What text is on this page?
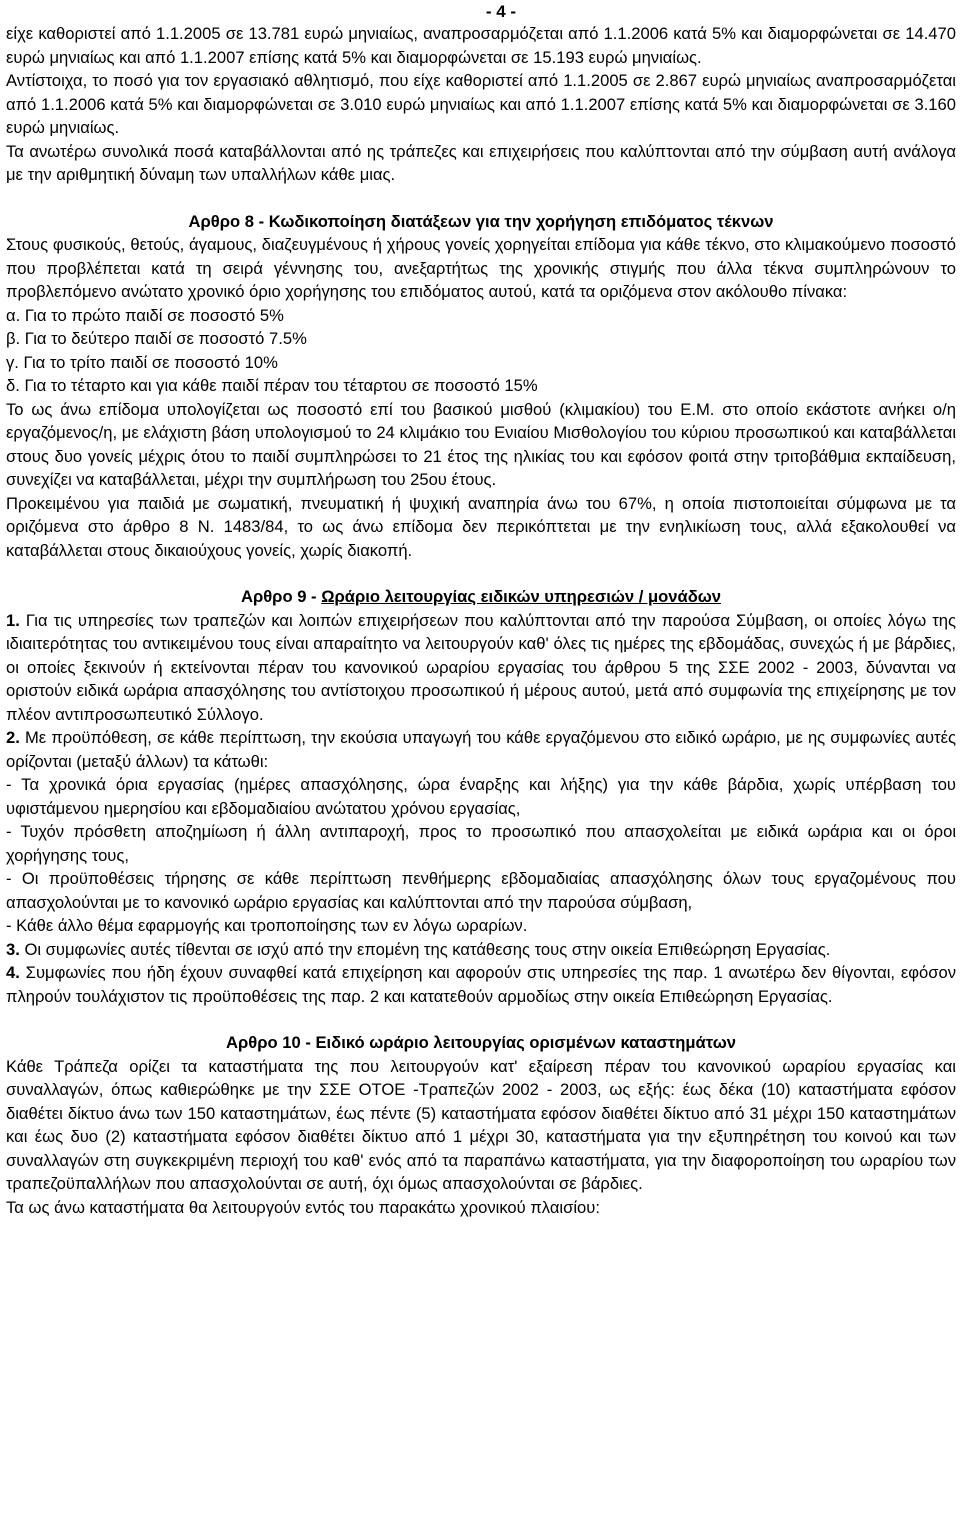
- 4 -

είχε καθοριστεί από 1.1.2005 σε 13.781 ευρώ μηνιαίως, αναπροσαρμόζεται από 1.1.2006 κατά 5% και διαμορφώνεται σε 14.470 ευρώ μηνιαίως και από 1.1.2007 επίσης κατά 5% και διαμορφώνεται σε 15.193 ευρώ μηνιαίως.

Αντίστοιχα, το ποσό για τον εργασιακό αθλητισμό, που είχε καθοριστεί από 1.1.2005 σε 2.867 ευρώ μηνιαίως αναπροσαρμόζεται από 1.1.2006 κατά 5% και διαμορφώνεται σε 3.010 ευρώ μηνιαίως και από 1.1.2007 επίσης κατά 5% και διαμορφώνεται σε 3.160 ευρώ μηνιαίως.

Τα ανωτέρω συνολικά ποσά καταβάλλονται από ης τράπεζες και επιχειρήσεις που καλύπτονται από την σύμβαση αυτή ανάλογα με την αριθμητική δύναμη των υπαλλήλων κάθε μιας.

Αρθρο 8 - Κωδικοποίηση διατάξεων για την χορήγηση επιδόματος τέκνων

Στους φυσικούς, θετούς, άγαμους, διαζευγμένους ή χήρους γονείς χορηγείται επίδομα για κάθε τέκνο, στο κλιμακούμενο ποσοστό που προβλέπεται κατά τη σειρά γέννησης του, ανεξαρτήτως της χρονικής στιγμής που άλλα τέκνα συμπληρώνουν το προβλεπόμενο ανώτατο χρονικό όριο χορήγησης του επιδόματος αυτού, κατά τα οριζόμενα στον ακόλουθο πίνακα:

α. Για το πρώτο παιδί σε ποσοστό 5%

β. Για το δεύτερο παιδί σε ποσοστό 7.5%

γ. Για το τρίτο παιδί σε ποσοστό 10%

δ. Για το τέταρτο και για κάθε παιδί πέραν του τέταρτου σε ποσοστό 15%

Το ως άνω επίδομα υπολογίζεται ως ποσοστό επί του βασικού μισθού (κλιμακίου) του Ε.Μ. στο οποίο εκάστοτε ανήκει ο/η εργαζόμενος/η, με ελάχιστη βάση υπολογισμού το 24 κλιμάκιο του Ενιαίου Μισθολογίου του κύριου προσωπικού και καταβάλλεται στους δυο γονείς μέχρις ότου το παιδί συμπληρώσει το 21 έτος της ηλικίας του και εφόσον φοιτά στην τριτοβάθμια εκπαίδευση, συνεχίζει να καταβάλλεται, μέχρι την συμπλήρωση του 25ου έτους.

Προκειμένου για παιδιά με σωματική, πνευματική ή ψυχική αναπηρία άνω του 67%, η οποία πιστοποιείται σύμφωνα με τα οριζόμενα στο άρθρο 8 Ν. 1483/84, το ως άνω επίδομα δεν περικόπτεται με την ενηλικίωση τους, αλλά εξακολουθεί να καταβάλλεται στους δικαιούχους γονείς, χωρίς διακοπή.

Αρθρο 9 - Ωράριο λειτουργίας ειδικών υπηρεσιών / μονάδων

1. Για τις υπηρεσίες των τραπεζών και λοιπών επιχειρήσεων που καλύπτονται από την παρούσα Σύμβαση, οι οποίες λόγω της ιδιαιτερότητας του αντικειμένου τους είναι απαραίτητο να λειτουργούν καθ' όλες τις ημέρες της εβδομάδας, συνεχώς ή με βάρδιες, οι οποίες ξεκινούν ή εκτείνονται πέραν του κανονικού ωραρίου εργασίας του άρθρου 5 της ΣΣΕ 2002 - 2003, δύνανται να οριστούν ειδικά ωράρια απασχόλησης του αντίστοιχου προσωπικού ή μέρους αυτού, μετά από συμφωνία της επιχείρησης με τον πλέον αντιπροσωπευτικό Σύλλογο.

2. Με προϋπόθεση, σε κάθε περίπτωση, την εκούσια υπαγωγή του κάθε εργαζόμενου στο ειδικό ωράριο, με ης συμφωνίες αυτές ορίζονται (μεταξύ άλλων) τα κάτωθι:

- Τα χρονικά όρια εργασίας (ημέρες απασχόλησης, ώρα έναρξης και λήξης) για την κάθε βάρδια, χωρίς υπέρβαση του υφιστάμενου ημερησίου και εβδομαδιαίου ανώτατου χρόνου εργασίας,

- Τυχόν πρόσθετη αποζημίωση ή άλλη αντιπαροχή, προς το προσωπικό που απασχολείται με ειδικά ωράρια και οι όροι χορήγησης τους,

- Οι προϋποθέσεις τήρησης σε κάθε περίπτωση πενθήμερης εβδομαδιαίας απασχόλησης όλων τους εργαζομένους που απασχολούνται με το κανονικό ωράριο εργασίας και καλύπτονται από την παρούσα σύμβαση,

- Κάθε άλλο θέμα εφαρμογής και τροποποίησης των εν λόγω ωραρίων.

3. Οι συμφωνίες αυτές τίθενται σε ισχύ από την επομένη της κατάθεσης τους στην οικεία Επιθεώρηση Εργασίας.

4. Συμφωνίες που ήδη έχουν συναφθεί κατά επιχείρηση και αφορούν στις υπηρεσίες της παρ. 1 ανωτέρω δεν θίγονται, εφόσον πληρούν τουλάχιστον τις προϋποθέσεις της παρ. 2 και κατατεθούν αρμοδίως στην οικεία Επιθεώρηση Εργασίας.

Αρθρο 10 - Ειδικό ωράριο λειτουργίας ορισμένων καταστημάτων

Κάθε Τράπεζα ορίζει τα καταστήματα της που λειτουργούν κατ' εξαίρεση πέραν του κανονικού ωραρίου εργασίας και συναλλαγών, όπως καθιερώθηκε με την ΣΣΕ ΟΤΟΕ -Τραπεζών 2002 - 2003, ως εξής: έως δέκα (10) καταστήματα εφόσον διαθέτει δίκτυο άνω των 150 καταστημάτων, έως πέντε (5) καταστήματα εφόσον διαθέτει δίκτυο από 31 μέχρι 150 καταστημάτων και έως δυο (2) καταστήματα εφόσον διαθέτει δίκτυο από 1 μέχρι 30, καταστήματα για την εξυπηρέτηση του κοινού και των συναλλαγών στη συγκεκριμένη περιοχή του καθ' ενός από τα παραπάνω καταστήματα, για την διαφοροποίηση του ωραρίου των τραπεζοϋπαλλήλων που απασχολούνται σε αυτή, όχι όμως απασχολούνται σε βάρδιες.

Τα ως άνω καταστήματα θα λειτουργούν εντός του παρακάτω χρονικού πλαισίου:
